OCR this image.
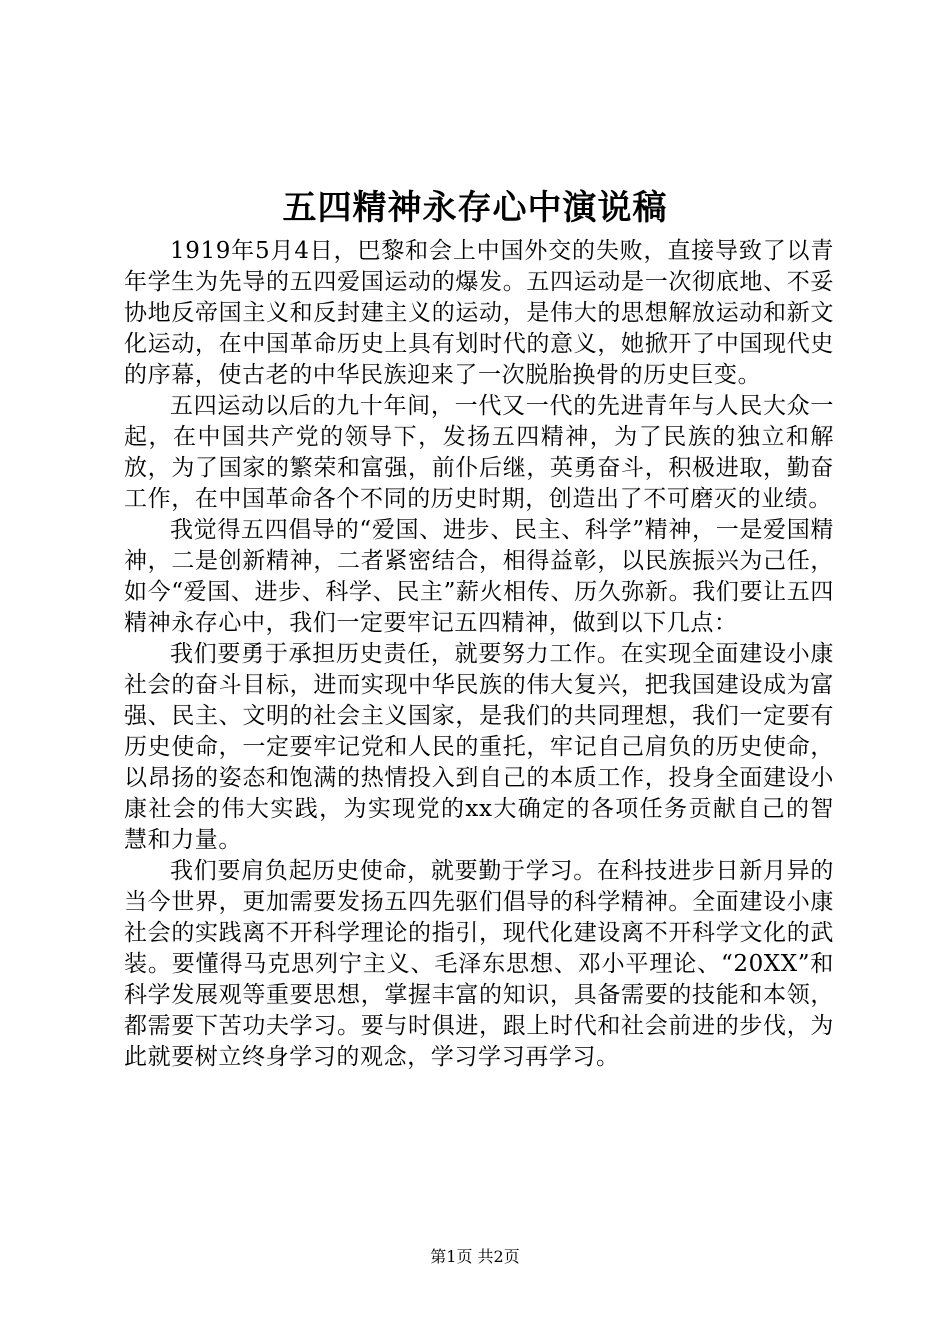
五四精神永存心中演说稿

1919年5月4日，巴黎和会上中国外交的失败，直接导致了以青年学生为先导的五四爱国运动的爆发。五四运动是一次彻底地、不妥协地反帝国主义和反封建主义的运动，是伟大的思想解放运动和新文化运动，在中国革命历史上具有划时代的意义，她掀开了中国现代史的序幕，使古老的中华民族迎来了一次脱胎换骨的历史巨变。

五四运动以后的九十年间，一代又一代的先进青年与人民大众一起，在中国共产党的领导下，发扬五四精神，为了民族的独立和解放，为了国家的繁荣和富强，前仆后继，英勇奋斗，积极进取，勤奋工作，在中国革命各个不同的历史时期，创造出了不可磨灭的业绩。

我觉得五四倡导的“爱国、进步、民主、科学”精神，一是爱国精神，二是创新精神，二者紧密结合，相得益彰，以民族振兴为己任，如今“爱国、进步、科学、民主”薪火相传、历久弥新。我们要让五四精神永存心中，我们一定要牢记五四精神，做到以下几点：

我们要勇于承担历史责任，就要努力工作。在实现全面建设小康社会的奋斗目标，进而实现中华民族的伟大复兴，把我国建设成为富强、民主、文明的社会主义国家，是我们的共同理想，我们一定要有历史使命，一定要牢记党和人民的重托，牢记自己肩负的历史使命，以昂扬的姿态和饱满的热情投入到自己的本质工作，投身全面建设小康社会的伟大实践，为实现党的xx大确定的各项任务贡献自己的智慧和力量。

我们要肩负起历史使命，就要勤于学习。在科技进步日新月异的当今世界，更加需要发扬五四先驱们倡导的科学精神。全面建设小康社会的实践离不开科学理论的指引，现代化建设离不开科学文化的武装。要懂得马克思列宁主义、毛泽东思想、邓小平理论、“20XX”和科学发展观等重要思想，掌握丰富的知识，具备需要的技能和本领，都需要下苦功夫学习。要与时俱进，跟上时代和社会前进的步伐，为此就要树立终身学习的观念，学习学习再学习。

第1页 共2页
